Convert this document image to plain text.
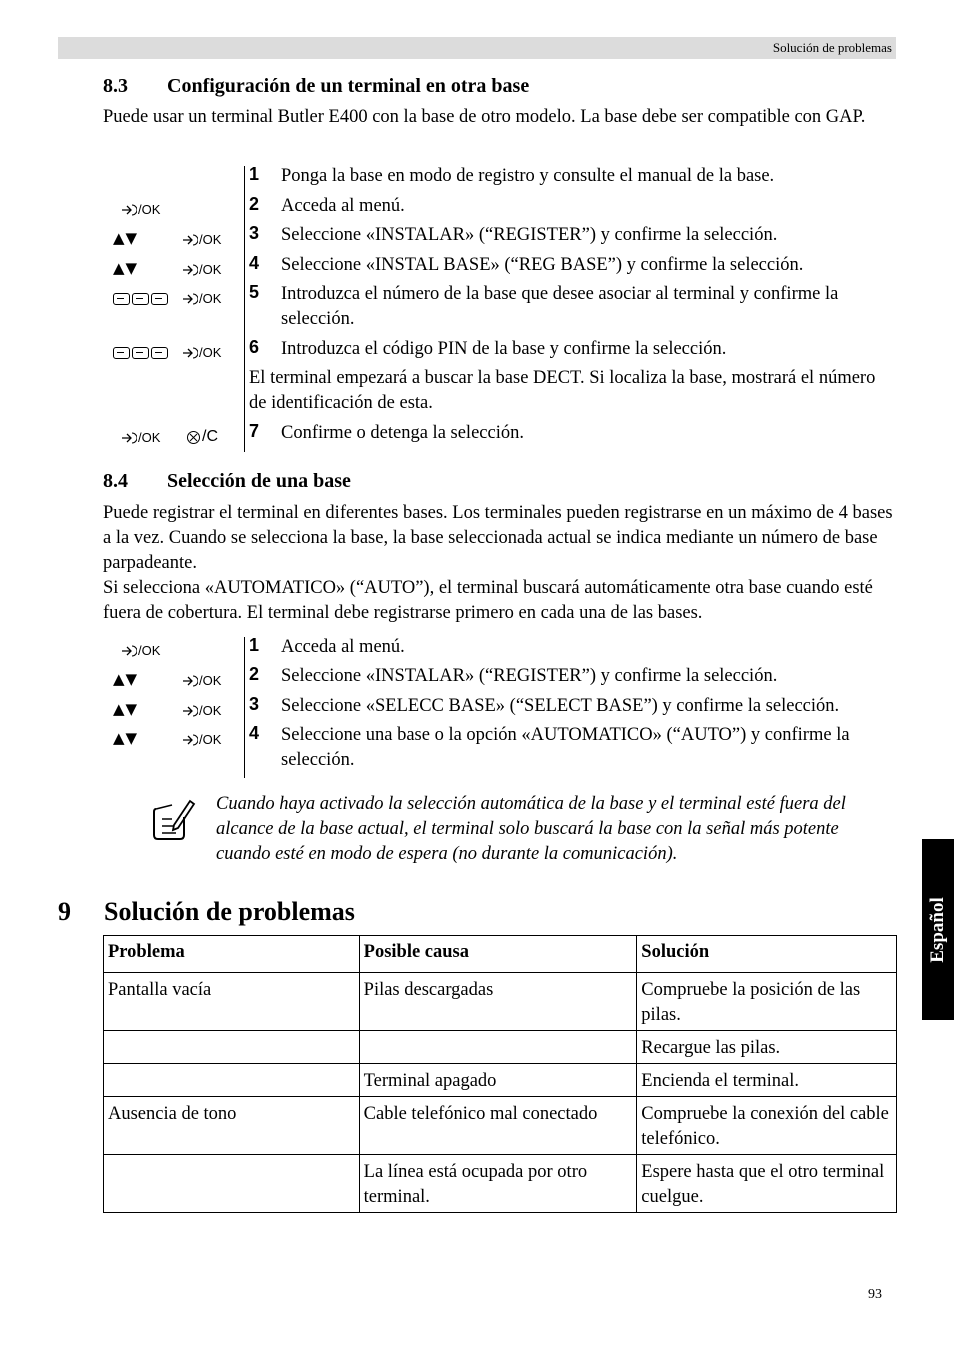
Solución de problemas
Español
8.3 Configuración de un terminal en otra base
Puede usar un terminal Butler E400 con la base de otro modelo. La base debe ser compatible con GAP.
1 Ponga la base en modo de registro y consulte el manual de la base.
2 Acceda al menú.
3 Seleccione «INSTALAR» (“REGISTER”) y confirme la selección.
4 Seleccione «INSTAL BASE» (“REG BASE”) y confirme la selección.
5 Introduzca el número de la base que desee asociar al terminal y confirme la selección.
6 Introduzca el código PIN de la base y confirme la selección.
El terminal empezará a buscar la base DECT. Si localiza la base, mostrará el número de identificación de esta.
7 Confirme o detenga la selección.
/OK
▲▼	/OK
▲▼	/OK
/OK
/OK
/OK	/C
8.4 Selección de una base
Puede registrar el terminal en diferentes bases. Los terminales pueden registrarse en un máximo de 4 bases a la vez. Cuando se selecciona la base, la base seleccionada actual se indica mediante un número de base parpadeante.
Si selecciona «AUTOMATICO» (“AUTO”), el terminal buscará automáticamente otra base cuando esté fuera de cobertura. El terminal debe registrarse primero en cada una de las bases.
1 Acceda al menú.
2 Seleccione «INSTALAR» (“REGISTER”) y confirme la selección.
3 Seleccione «SELECC BASE» (“SELECT BASE”) y confirme la selección.
4 Seleccione una base o la opción «AUTOMATICO» (“AUTO”) y confirme la selección.
/OK
▲▼	/OK
▲▼	/OK
▲▼	/OK
Cuando haya activado la selección automática de la base y el terminal esté fuera del alcance de la base actual, el terminal solo buscará la base con la señal más potente cuando esté en modo de espera (no durante la comunicación).
9 Solución de problemas
Problema	Posible causa	Solución
Pantalla vacía	Pilas descargadas	Compruebe la posición de las pilas.
		Recargue las pilas.
	Terminal apagado	Encienda el terminal.
Ausencia de tono	Cable telefónico mal conectado	Compruebe la conexión del cable telefónico.
	La línea está ocupada por otro terminal.	Espere hasta que el otro terminal cuelgue.
93
